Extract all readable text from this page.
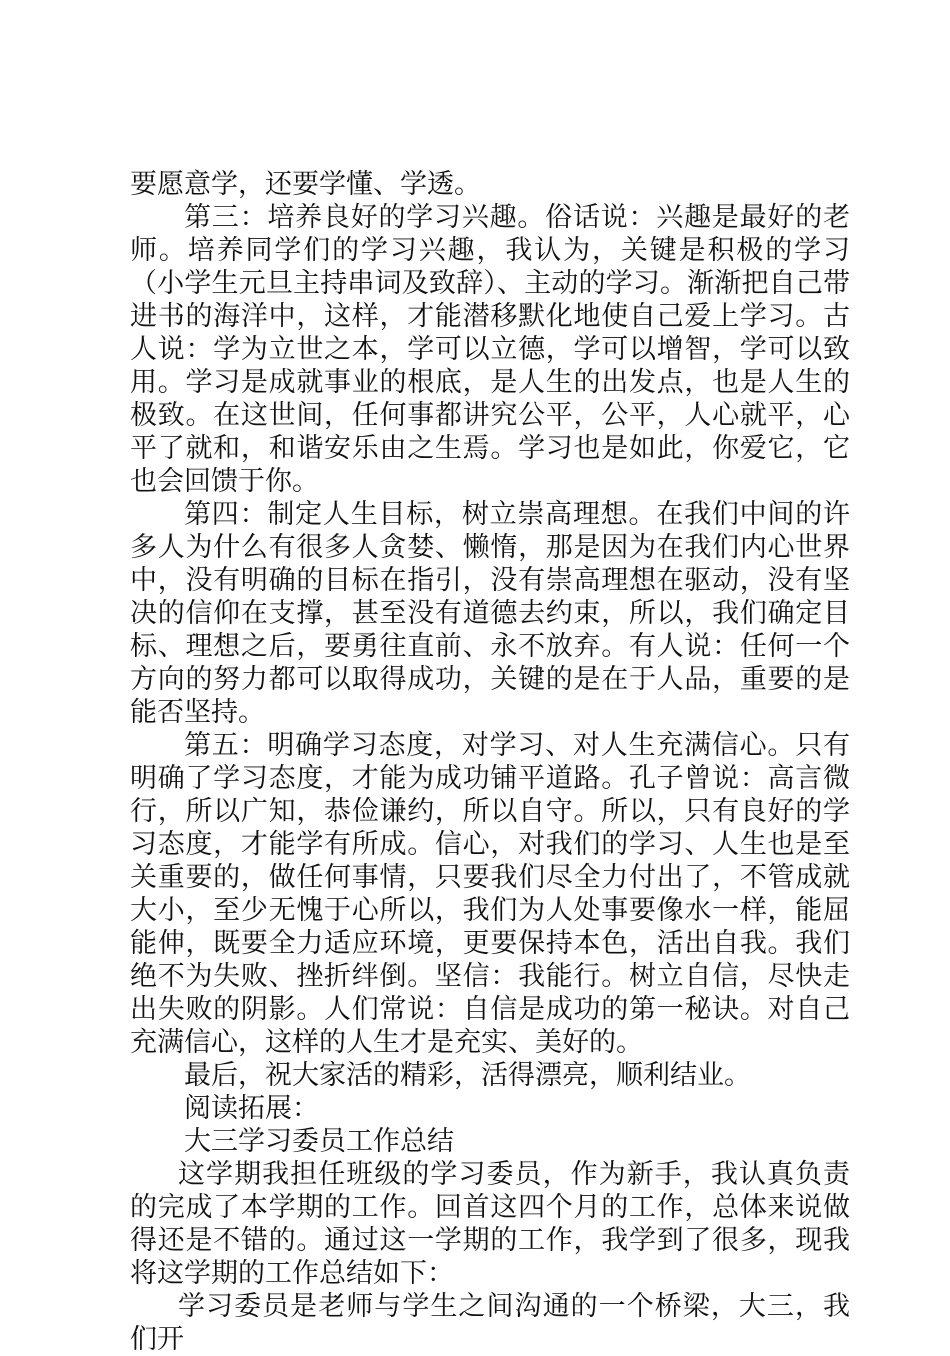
要愿意学，还要学懂、学透。

第三：培养良好的学习兴趣。俗话说：兴趣是最好的老师。培养同学们的学习兴趣，我认为，关键是积极的学习（小学生元旦主持串词及致辞）、主动的学习。渐渐把自己带进书的海洋中，这样，才能潜移默化地使自己爱上学习。古人说：学为立世之本，学可以立德，学可以增智，学可以致用。学习是成就事业的根底，是人生的出发点，也是人生的极致。在这世间，任何事都讲究公平，公平，人心就平，心平了就和，和谐安乐由之生焉。学习也是如此，你爱它，它也会回馈于你。

第四：制定人生目标，树立崇高理想。在我们中间的许多人为什么有很多人贪婪、懒惰，那是因为在我们内心世界中，没有明确的目标在指引，没有崇高理想在驱动，没有坚决的信仰在支撑，甚至没有道德去约束，所以，我们确定目标、理想之后，要勇往直前、永不放弃。有人说：任何一个方向的努力都可以取得成功，关键的是在于人品，重要的是能否坚持。

第五：明确学习态度，对学习、对人生充满信心。只有明确了学习态度，才能为成功铺平道路。孔子曾说：高言微行，所以广知，恭俭谦约，所以自守。所以，只有良好的学习态度，才能学有所成。信心，对我们的学习、人生也是至关重要的，做任何事情，只要我们尽全力付出了，不管成就大小，至少无愧于心所以，我们为人处事要像水一样，能屈能伸，既要全力适应环境，更要保持本色，活出自我。我们绝不为失败、挫折绊倒。坚信：我能行。树立自信，尽快走出失败的阴影。人们常说：自信是成功的第一秘诀。对自己充满信心，这样的人生才是充实、美好的。

最后，祝大家活的精彩，活得漂亮，顺利结业。

阅读拓展：

大三学习委员工作总结

这学期我担任班级的学习委员，作为新手，我认真负责的完成了本学期的工作。回首这四个月的工作，总体来说做得还是不错的。通过这一学期的工作，我学到了很多，现我将这学期的工作总结如下：

学习委员是老师与学生之间沟通的一个桥梁，大三，我们开
